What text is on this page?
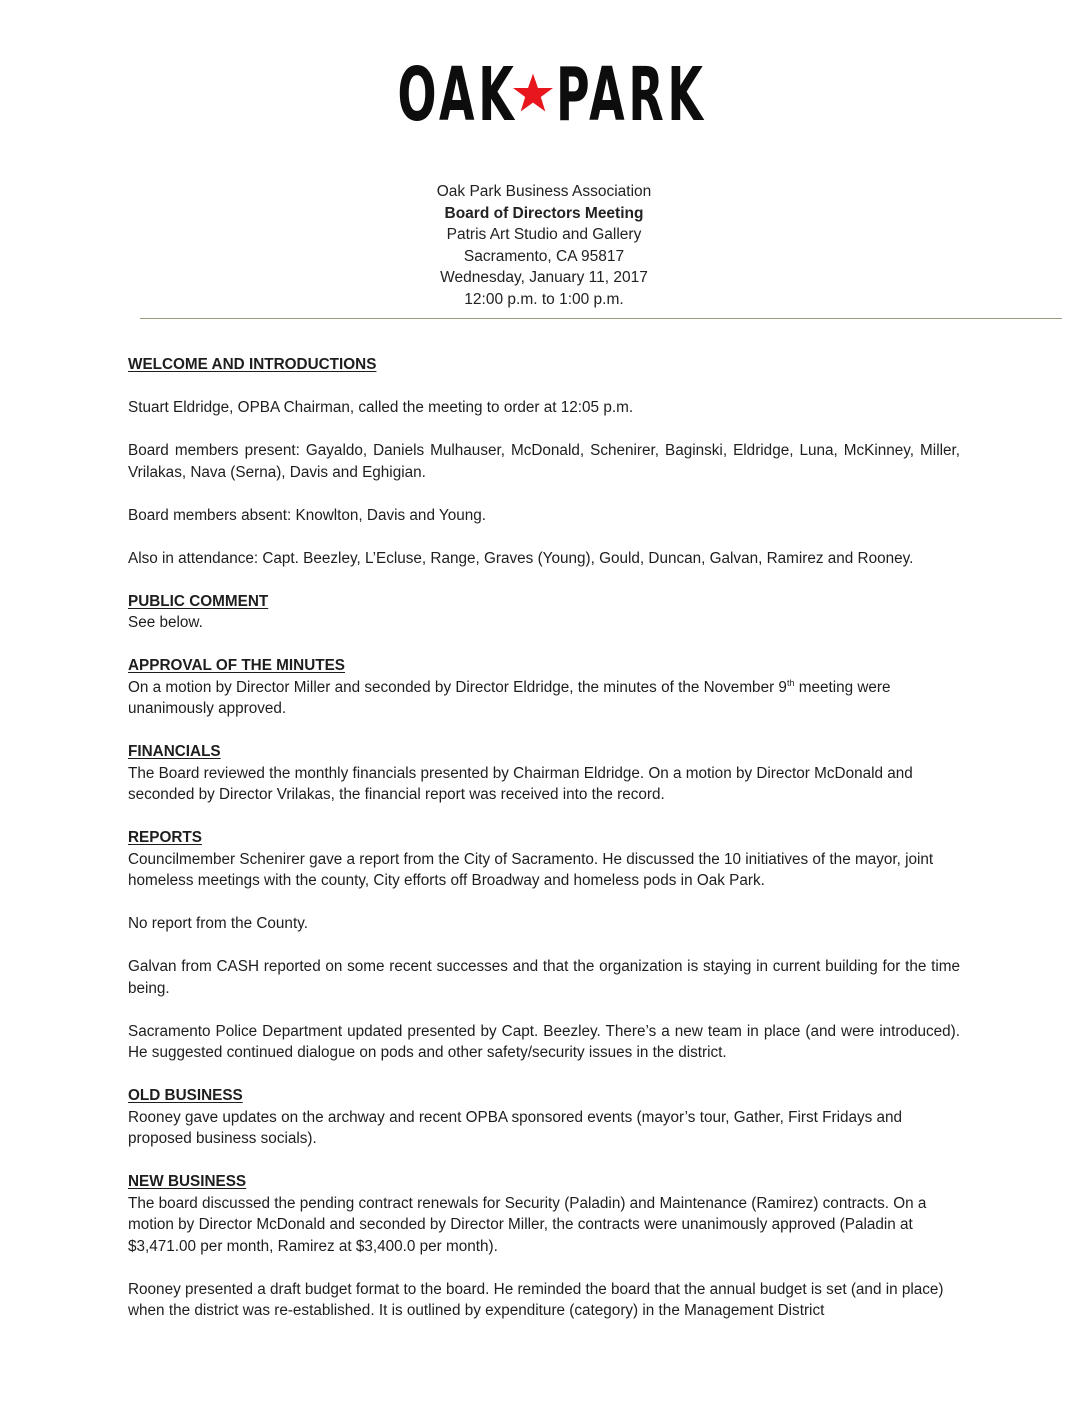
OAK PARK
Oak Park Business Association
Board of Directors Meeting
Patris Art Studio and Gallery
Sacramento, CA 95817
Wednesday, January 11, 2017
12:00 p.m. to 1:00 p.m.

WELCOME AND INTRODUCTIONS

Stuart Eldridge, OPBA Chairman, called the meeting to order at 12:05 p.m.

Board members present: Gayaldo, Daniels Mulhauser, McDonald, Schenirer, Baginski, Eldridge, Luna, McKinney, Miller, Vrilakas, Nava (Serna), Davis and Eghigian.

Board members absent: Knowlton, Davis and Young.

Also in attendance: Capt. Beezley, L’Ecluse, Range, Graves (Young), Gould, Duncan, Galvan, Ramirez and Rooney.

PUBLIC COMMENT

See below.

APPROVAL OF THE MINUTES

On a motion by Director Miller and seconded by Director Eldridge, the minutes of the November 9th meeting were unanimously approved.

FINANCIALS

The Board reviewed the monthly financials presented by Chairman Eldridge. On a motion by Director McDonald and seconded by Director Vrilakas, the financial report was received into the record.

REPORTS

Councilmember Schenirer gave a report from the City of Sacramento. He discussed the 10 initiatives of the mayor, joint homeless meetings with the county, City efforts off Broadway and homeless pods in Oak Park.

No report from the County.

Galvan from CASH reported on some recent successes and that the organization is staying in current building for the time being.

Sacramento Police Department updated presented by Capt. Beezley. There’s a new team in place (and were introduced). He suggested continued dialogue on pods and other safety/security issues in the district.

OLD BUSINESS

Rooney gave updates on the archway and recent OPBA sponsored events (mayor’s tour, Gather, First Fridays and proposed business socials).

NEW BUSINESS

The board discussed the pending contract renewals for Security (Paladin) and Maintenance (Ramirez) contracts. On a motion by Director McDonald and seconded by Director Miller, the contracts were unanimously approved (Paladin at $3,471.00 per month, Ramirez at $3,400.0 per month).

Rooney presented a draft budget format to the board. He reminded the board that the annual budget is set (and in place) when the district was re-established. It is outlined by expenditure (category) in the Management District
